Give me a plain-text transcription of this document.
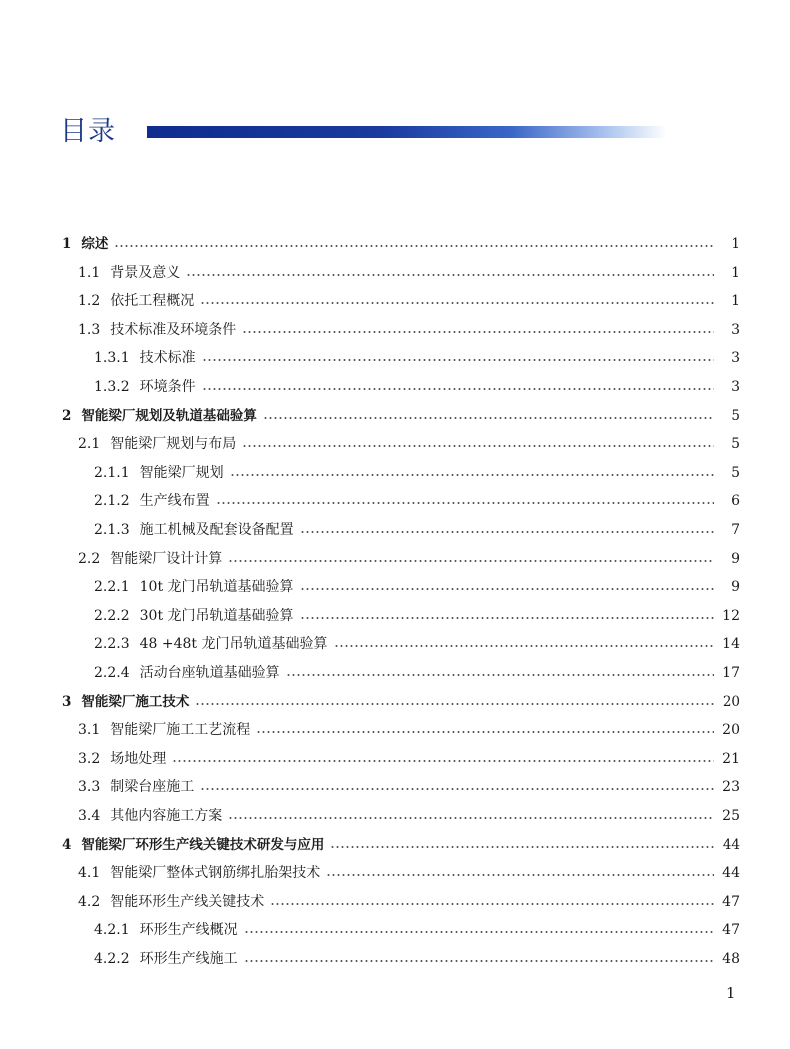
目录
1 综述	1
1.1 背景及意义	1
1.2 依托工程概况	1
1.3 技术标准及环境条件	3
1.3.1 技术标准	3
1.3.2 环境条件	3
2 智能梁厂规划及轨道基础验算	5
2.1 智能梁厂规划与布局	5
2.1.1 智能梁厂规划	5
2.1.2 生产线布置	6
2.1.3 施工机械及配套设备配置	7
2.2 智能梁厂设计计算	9
2.2.1 10t 龙门吊轨道基础验算	9
2.2.2 30t 龙门吊轨道基础验算	12
2.2.3 48 +48t 龙门吊轨道基础验算	14
2.2.4 活动台座轨道基础验算	17
3 智能梁厂施工技术	20
3.1 智能梁厂施工工艺流程	20
3.2 场地处理	21
3.3 制梁台座施工	23
3.4 其他内容施工方案	25
4 智能梁厂环形生产线关键技术研发与应用	44
4.1 智能梁厂整体式钢筋绑扎胎架技术	44
4.2 智能环形生产线关键技术	47
4.2.1 环形生产线概况	47
4.2.2 环形生产线施工	48
1
